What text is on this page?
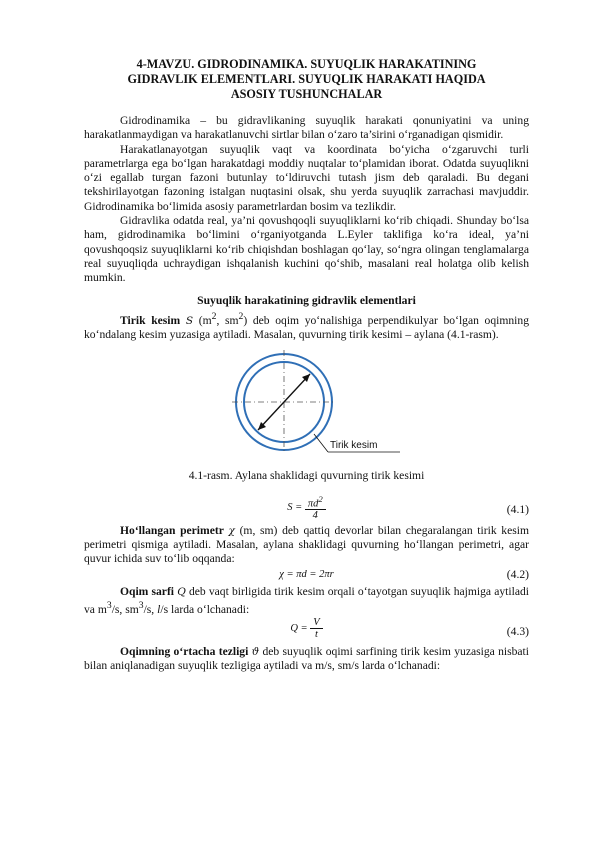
4-MAVZU. GIDRODINAMIKA. SUYUQLIK HARAKATINING
GIDRAVLIK ELEMENTLARI. SUYUQLIK HARAKATI HAQIDA
ASOSIY TUSHUNCHALAR

Gidrodinamika – bu gidravlikaning suyuqlik harakati qonuniyatini va uning harakatlanmaydigan va harakatlanuvchi sirtlar bilan o‘zaro ta’sirini o‘rganadigan qismidir.

Harakatlanayotgan suyuqlik vaqt va koordinata bo‘yicha o‘zgaruvchi turli parametrlarga ega bo‘lgan harakatdagi moddiy nuqtalar to‘plamidan iborat. Odatda suyuqlikni o‘zi egallab turgan fazoni butunlay to‘ldiruvchi tutash jism deb qaraladi. Bu degani tekshirilayotgan fazoning istalgan nuqtasini olsak, shu yerda suyuqlik zarrachasi mavjuddir. Gidrodinamika bo‘limida asosiy parametrlardan bosim va tezlikdir.

Gidravlika odatda real, ya’ni qovushqoqli suyuqliklarni ko‘rib chiqadi. Shunday bo‘lsa ham, gidrodinamika bo‘limini o‘rganiyotganda L.Eyler taklifiga ko‘ra ideal, ya’ni qovushqoqsiz suyuqliklarni ko‘rib chiqishdan boshlagan qo‘lay, so‘ngra olingan tenglamalarga real suyuqliqda uchraydigan ishqalanish kuchini qo‘shib, masalani real holatga olib kelish mumkin.

Suyuqlik harakatining gidravlik elementlari

Tirik kesim S ($m^2$, $sm^2$) deb oqim yo‘nalishiga perpendikulyar bo‘lgan oqimning ko‘ndalang kesim yuzasiga aytiladi. Masalan, quvurning tirik kesimi – aylana (4.1-rasm).

Tirik kesim
4.1-rasm. Aylana shaklidagi quvurning tirik kesimi
$S = \frac{\pi d^2}{4}$	(4.1)

Ho‘llangan perimetr χ (m, sm) deb qattiq devorlar bilan chegaralangan tirik kesim perimetri qismiga aytiladi. Masalan, aylana shaklidagi quvurning ho‘llangan perimetri, agar quvur ichida suv to‘lib oqqanda:

χ = πd = 2πr	(4.2)

Oqim sarfi Q deb vaqt birligida tirik kesim orqali o‘tayotgan suyuqlik hajmiga aytiladi va $m^3/s$, $sm^3/s$, l/s larda o‘lchanadi:

$Q = \frac{V}{t}$	(4.3)

Oqimning o‘rtacha tezligi ϑ deb suyuqlik oqimi sarfining tirik kesim yuzasiga nisbati bilan aniqlanadigan suyuqlik tezligiga aytiladi va m/s, sm/s larda o‘lchanadi:
